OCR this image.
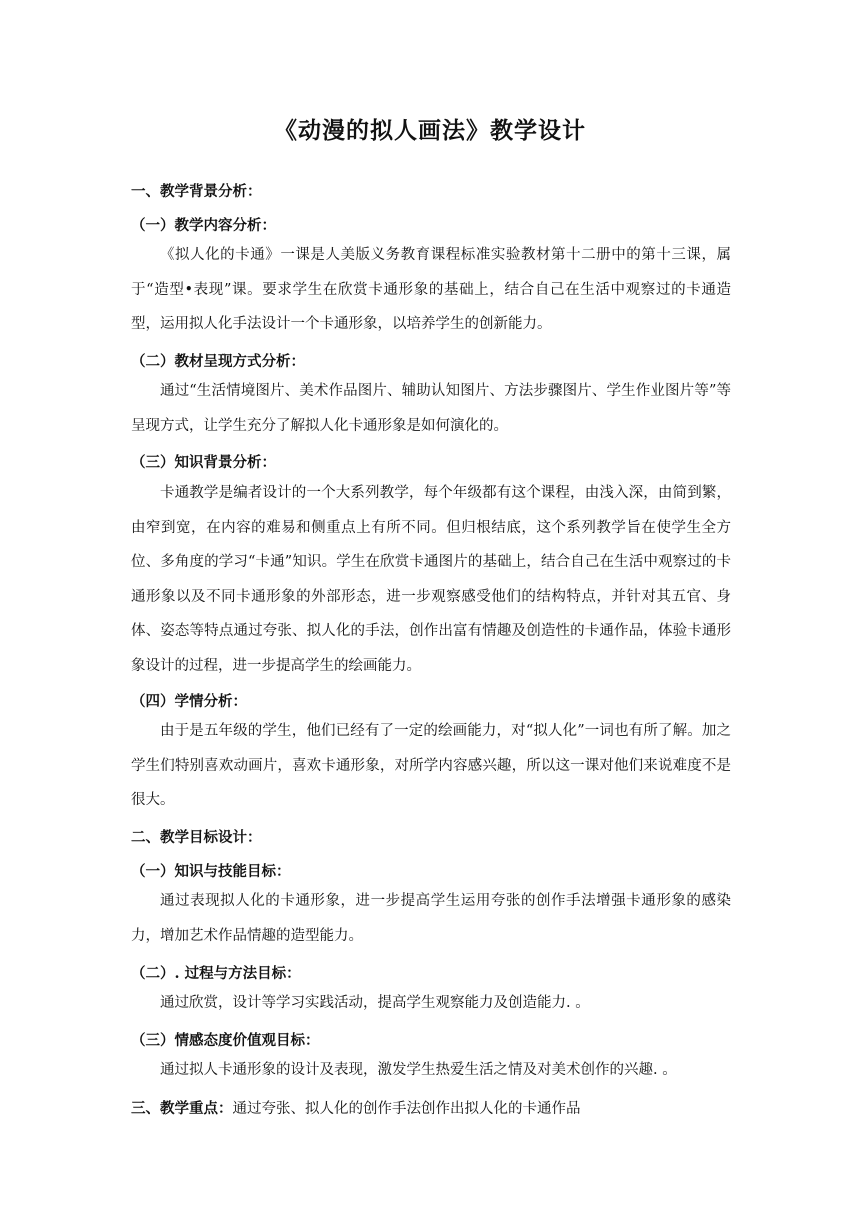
《动漫的拟人画法》教学设计
一、教学背景分析：
（一）教学内容分析：
《拟人化的卡通》一课是人美版义务教育课程标准实验教材第十二册中的第十三课，属于“造型•表现”课。要求学生在欣赏卡通形象的基础上，结合自己在生活中观察过的卡通造型，运用拟人化手法设计一个卡通形象，以培养学生的创新能力。
（二）教材呈现方式分析：
通过“生活情境图片、美术作品图片、辅助认知图片、方法步骤图片、学生作业图片等”等呈现方式，让学生充分了解拟人化卡通形象是如何演化的。
（三）知识背景分析：
卡通教学是编者设计的一个大系列教学，每个年级都有这个课程，由浅入深，由简到繁，由窄到宽，在内容的难易和侧重点上有所不同。但归根结底，这个系列教学旨在使学生全方位、多角度的学习“卡通”知识。学生在欣赏卡通图片的基础上，结合自己在生活中观察过的卡通形象以及不同卡通形象的外部形态，进一步观察感受他们的结构特点，并针对其五官、身体、姿态等特点通过夸张、拟人化的手法，创作出富有情趣及创造性的卡通作品，体验卡通形象设计的过程，进一步提高学生的绘画能力。
（四）学情分析：
由于是五年级的学生，他们已经有了一定的绘画能力，对“拟人化”一词也有所了解。加之学生们特别喜欢动画片，喜欢卡通形象，对所学内容感兴趣，所以这一课对他们来说难度不是很大。
二、教学目标设计：
（一）知识与技能目标：
通过表现拟人化的卡通形象，进一步提高学生运用夸张的创作手法增强卡通形象的感染力，增加艺术作品情趣的造型能力。
（二）. 过程与方法目标：
通过欣赏，设计等学习实践活动，提高学生观察能力及创造能力. 。
（三）情感态度价值观目标：
通过拟人卡通形象的设计及表现，激发学生热爱生活之情及对美术创作的兴趣. 。
三、教学重点：通过夸张、拟人化的创作手法创作出拟人化的卡通作品
